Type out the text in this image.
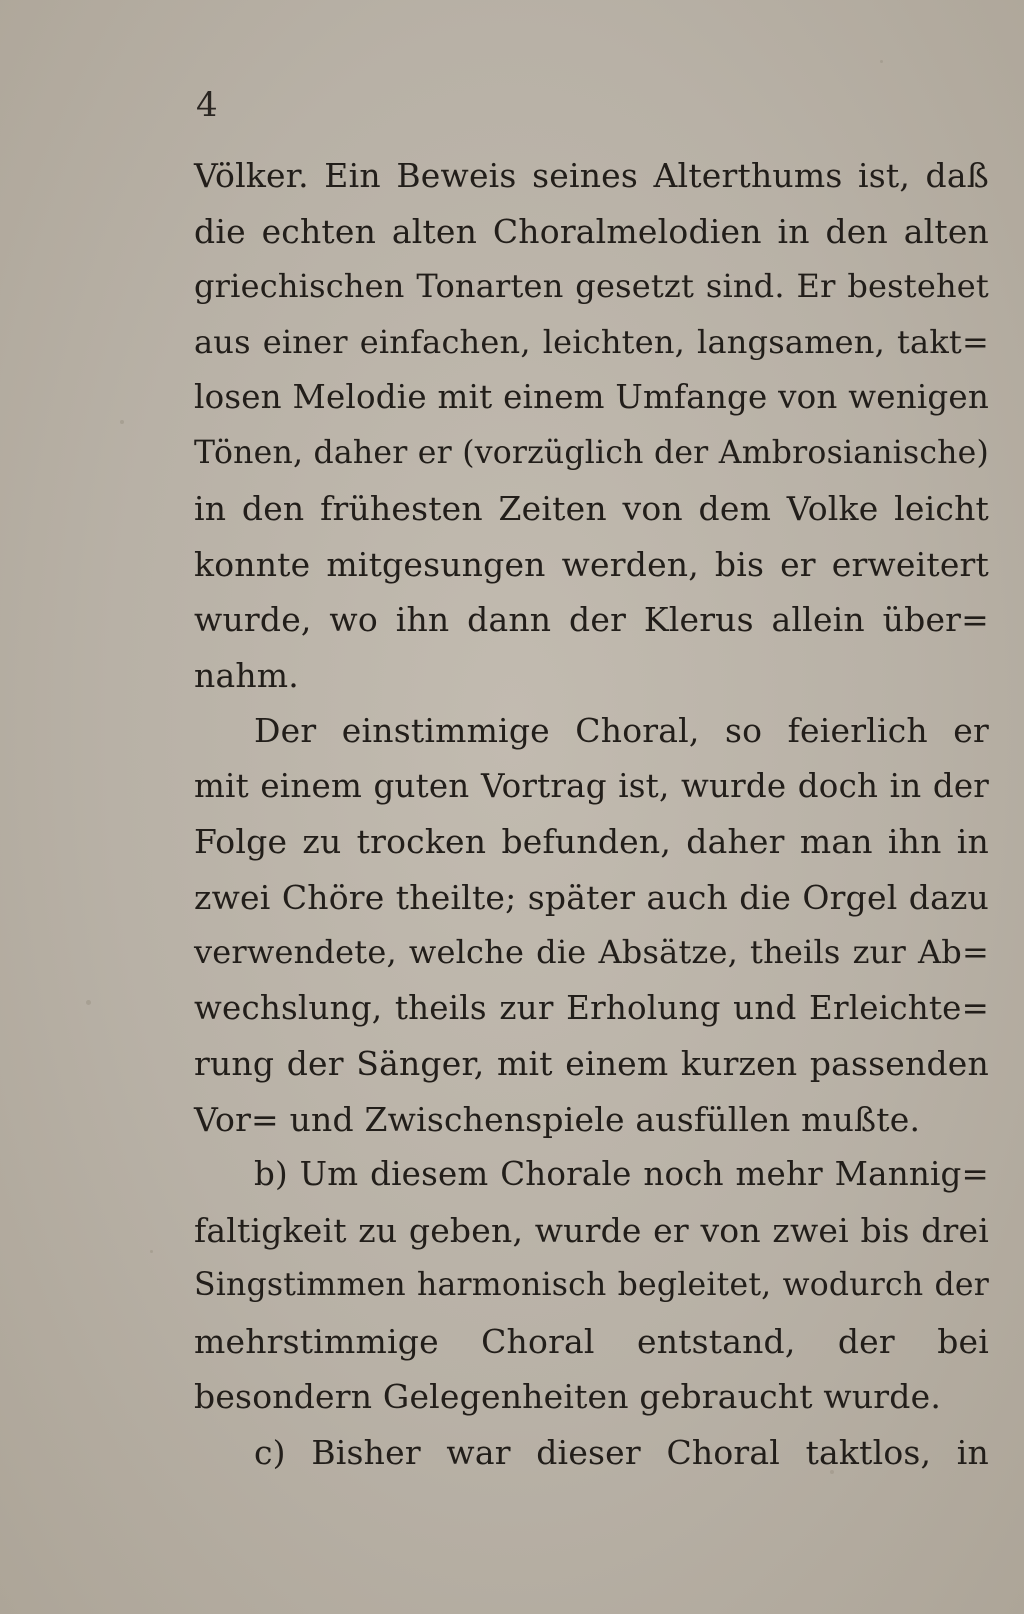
4
Völker. Ein Beweis seines Alterthums ist, daß
die echten alten Choralmelodien in den alten
griechischen Tonarten gesetzt sind. Er bestehet
aus einer einfachen, leichten, langsamen, takt=
losen Melodie mit einem Umfange von wenigen
Tönen, daher er (vorzüglich der Ambrosianische)
in den frühesten Zeiten von dem Volke leicht
konnte mitgesungen werden, bis er erweitert
wurde, wo ihn dann der Klerus allein über=
nahm.
Der einstimmige Choral, so feierlich er
mit einem guten Vortrag ist, wurde doch in der
Folge zu trocken befunden, daher man ihn in
zwei Chöre theilte; später auch die Orgel dazu
verwendete, welche die Absätze, theils zur Ab=
wechslung, theils zur Erholung und Erleichte=
rung der Sänger, mit einem kurzen passenden
Vor= und Zwischenspiele ausfüllen mußte.
b) Um diesem Chorale noch mehr Mannig=
faltigkeit zu geben, wurde er von zwei bis drei
Singstimmen harmonisch begleitet, wodurch der
mehrstimmige Choral entstand, der bei
besondern Gelegenheiten gebraucht wurde.
c) Bisher war dieser Choral taktlos, in
